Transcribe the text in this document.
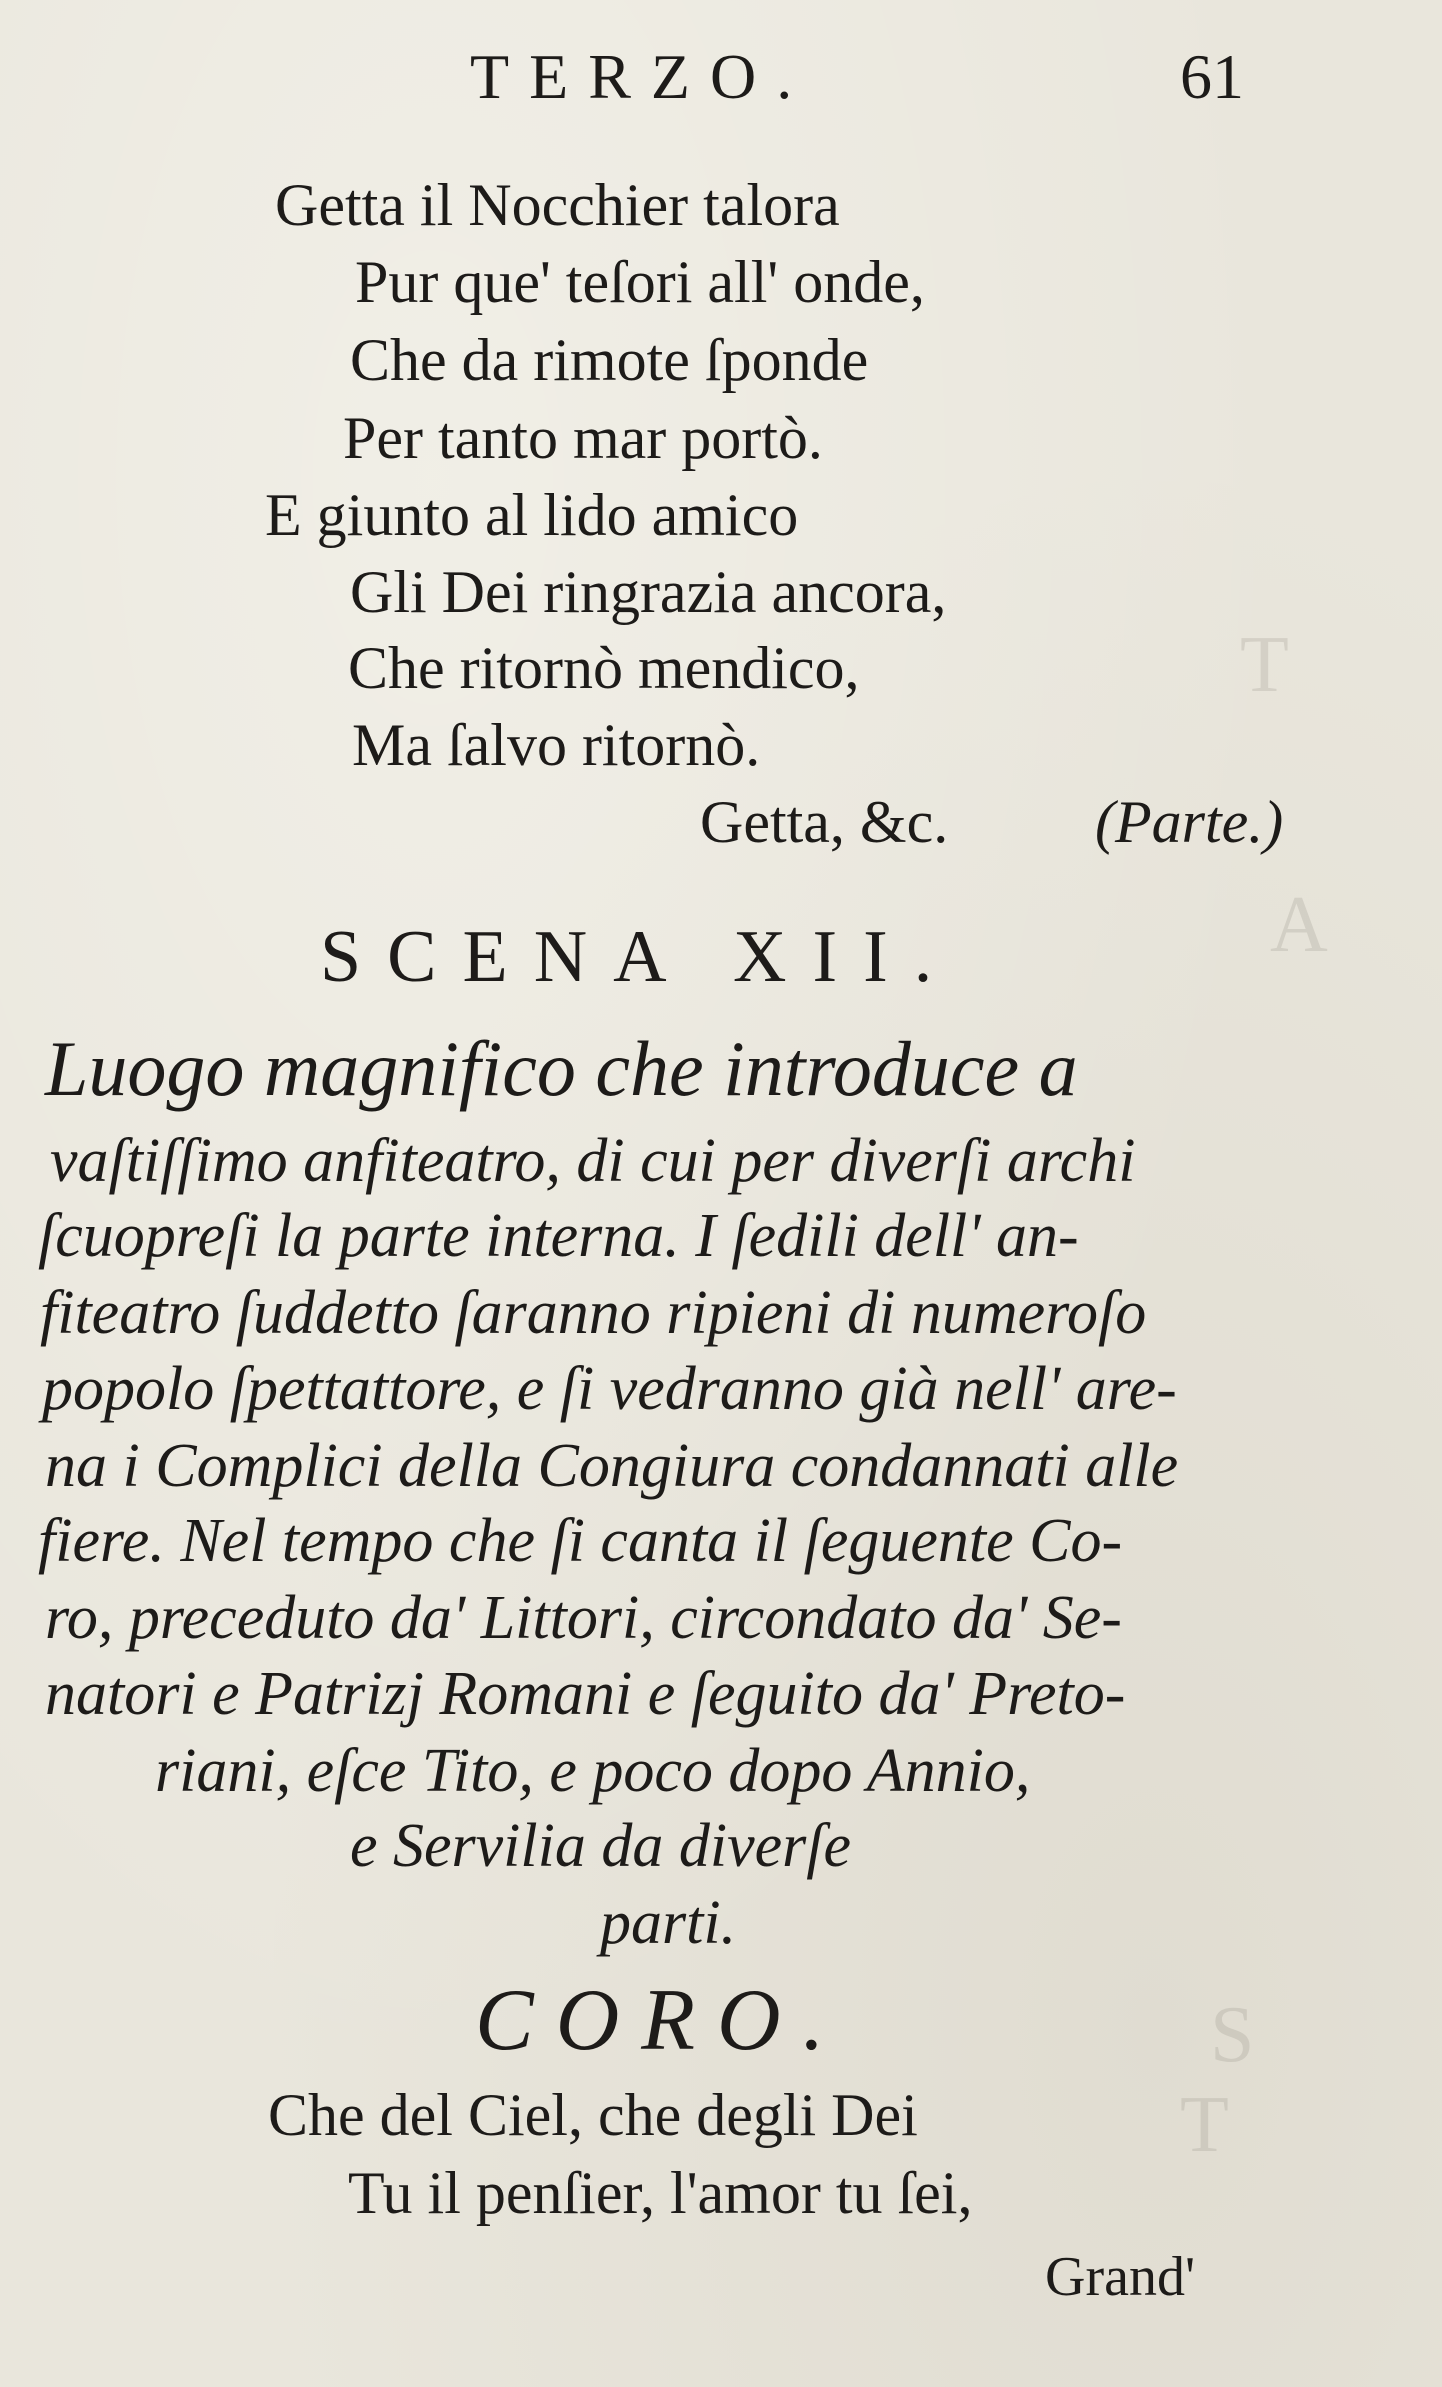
T
A
S
T
TERZO.	61
Getta il Nocchier talora
Pur que' teſori all' onde,
Che da rimote ſponde
Per tanto mar portò.
E giunto al lido amico
Gli Dei ringrazia ancora,
Che ritornò mendico,
Ma ſalvo ritornò.
Getta, &c. (Parte.)
SCENA XII.
Luogo magnifico che introduce a
vaſtiſſimo anfiteatro, di cui per diverſi archi
ſcuopreſi la parte interna. I ſedili dell' an-
fiteatro ſuddetto ſaranno ripieni di numeroſo
popolo ſpettattore, e ſi vedranno già nell' are-
na i Complici della Congiura condannati alle
fiere. Nel tempo che ſi canta il ſeguente Co-
ro, preceduto da' Littori, circondato da' Se-
natori e Patrizj Romani e ſeguito da' Preto-
riani, eſce Tito, e poco dopo Annio,
e Servilia da diverſe
parti.
CORO.
Che del Ciel, che degli Dei
Tu il penſier, l'amor tu ſei,
Grand'
